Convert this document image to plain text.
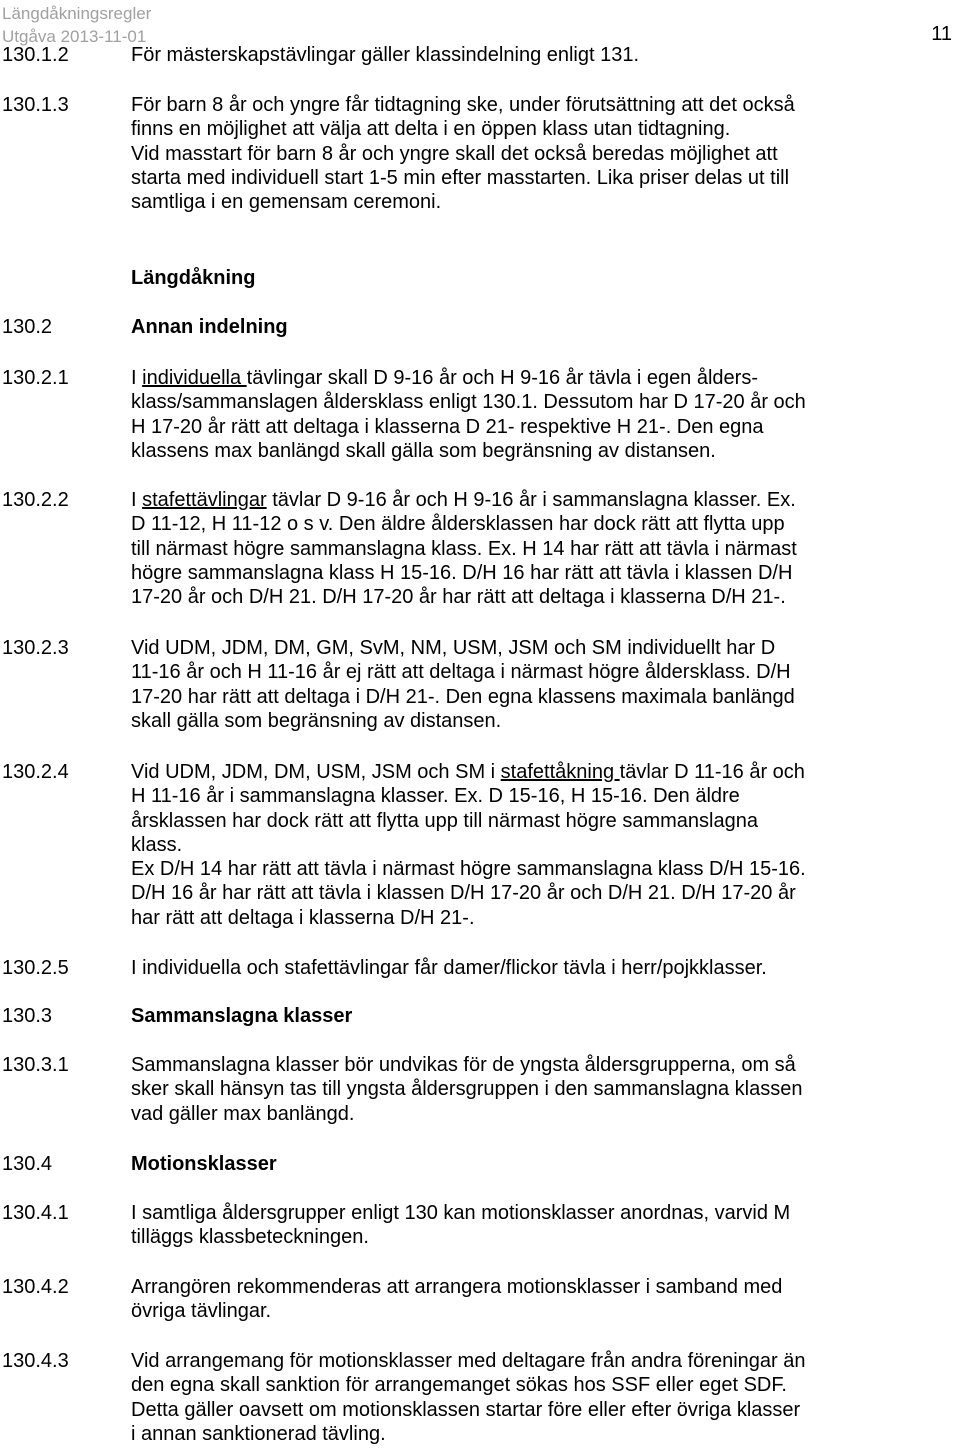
Längdåkningsregler
Utgåva 2013-11-01	11
130.1.2	För mästerskapstävlingar gäller klassindelning enligt 131.
130.1.3	För barn 8 år och yngre får tidtagning ske, under förutsättning att det också
finns en möjlighet att välja att delta i en öppen klass utan tidtagning.
Vid masstart för barn 8 år och yngre skall det också beredas möjlighet att
starta med individuell start 1-5 min efter masstarten. Lika priser delas ut till
samtliga i en gemensam ceremoni.
Längdåkning
130.2	Annan indelning
130.2.1	I individuella tävlingar skall D 9-16 år och H 9-16 år tävla i egen ålders-
klass/sammanslagen åldersklass enligt 130.1. Dessutom har D 17-20 år och
H 17-20 år rätt att deltaga i klasserna D 21- respektive H 21-. Den egna
klassens max banlängd skall gälla som begränsning av distansen.
130.2.2	I stafettävlingar tävlar D 9-16 år och H 9-16 år i sammanslagna klasser. Ex.
D 11-12, H 11-12 o s v. Den äldre åldersklassen har dock rätt att flytta upp
till närmast högre sammanslagna klass. Ex. H 14 har rätt att tävla i närmast
högre sammanslagna klass H 15-16. D/H 16 har rätt att tävla i klassen D/H
17-20 år och D/H 21. D/H 17-20 år har rätt att deltaga i klasserna D/H 21-.
130.2.3	Vid UDM, JDM, DM, GM, SvM, NM, USM, JSM och SM individuellt har D
11-16 år och H 11-16 år ej rätt att deltaga i närmast högre åldersklass. D/H
17-20 har rätt att deltaga i D/H 21-. Den egna klassens maximala banlängd
skall gälla som begränsning av distansen.
130.2.4	Vid UDM, JDM, DM, USM, JSM och SM i stafettåkning tävlar D 11-16 år och
H 11-16 år i sammanslagna klasser. Ex. D 15-16, H 15-16. Den äldre
årsklassen har dock rätt att flytta upp till närmast högre sammanslagna
klass.
Ex D/H 14 har rätt att tävla i närmast högre sammanslagna klass D/H 15-16.
D/H 16 år har rätt att tävla i klassen D/H 17-20 år och D/H 21. D/H 17-20 år
har rätt att deltaga i klasserna D/H 21-.
130.2.5	I individuella och stafettävlingar får damer/flickor tävla i herr/pojkklasser.
130.3	Sammanslagna klasser
130.3.1	Sammanslagna klasser bör undvikas för de yngsta åldersgrupperna, om så
sker skall hänsyn tas till yngsta åldersgruppen i den sammanslagna klassen
vad gäller max banlängd.
130.4	Motionsklasser
130.4.1	I samtliga åldersgrupper enligt 130 kan motionsklasser anordnas, varvid M
tilläggs klassbeteckningen.
130.4.2	Arrangören rekommenderas att arrangera motionsklasser i samband med
övriga tävlingar.
130.4.3	Vid arrangemang för motionsklasser med deltagare från andra föreningar än
den egna skall sanktion för arrangemanget sökas hos SSF eller eget SDF.
Detta gäller oavsett om motionsklassen startar före eller efter övriga klasser
i annan sanktionerad tävling.
